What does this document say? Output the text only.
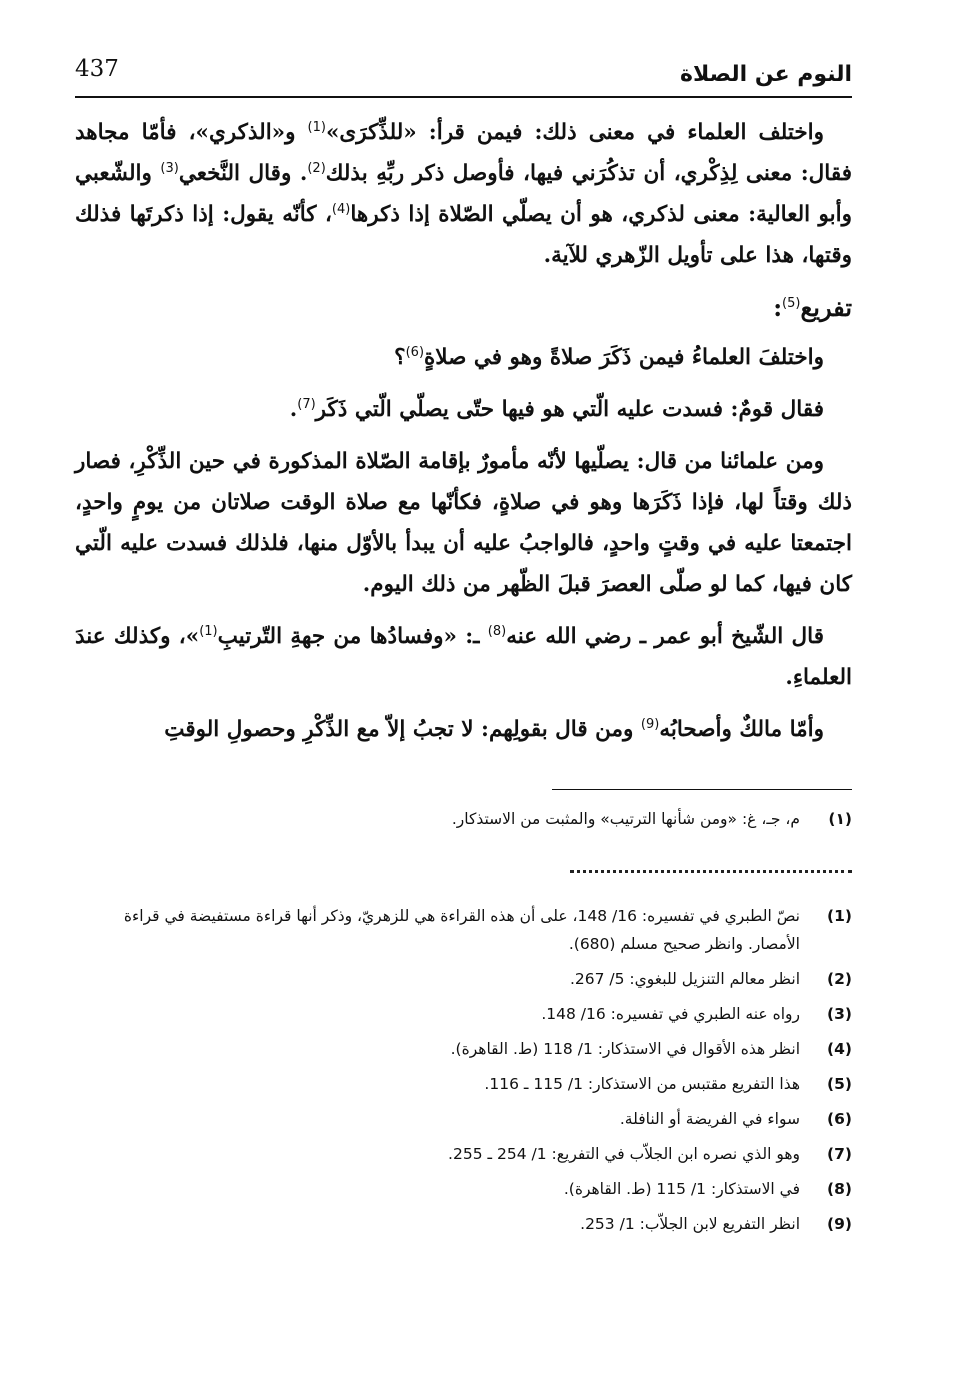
النوم عن الصلاة
437

واختلف العلماء في معنى ذلك: فيمن قرأ: «للذِّكرَى»$^{(1)}$ و«الذكري»، فأمّا مجاهد فقال: معنى لِذِكْري، أن تذكُرَني فيها، فأوصل ذكر ربِّهِ بذلك$^{(2)}$. وقال النَّخعي$^{(3)}$ والشّعبي وأبو العالية: معنى لذكري، هو أن يصلّي الصّلاة إذا ذكرها$^{(4)}$، كأنّه يقول: إذا ذكرتَها فذلك وقتها، هذا على تأويل الزّهري للآية.

تفريع$^{(5)}$:

واختلفَ العلماءُ فيمن ذَكَرَ صلاةً وهو في صلاةٍ$^{(6)}$؟

فقال قومٌ: فسدت عليه الّتي هو فيها حتّى يصلّي الّتي ذَكَر$^{(7)}$.

ومن علمائنا من قال: يصلّيها لأنّه مأمورٌ بإقامة الصّلاة المذكورة في حين الذِّكْرِ، فصار ذلك وقتاً لها، فإذا ذَكَرَها وهو في صلاةٍ، فكأنّها مع صلاة الوقت صلاتان من يومٍ واحدٍ، اجتمعتا عليه في وقتٍ واحدٍ، فالواجبُ عليه أن يبدأ بالأوّل منها، فلذلك فسدت عليه الّتي كان فيها، كما لو صلّى العصرَ قبلَ الظّهر من ذلك اليوم.

قال الشّيخ أبو عمر ـ رضي الله عنه$^{(8)}$ ـ: «وفسادُها من جهةِ التّرتيبِ$^{(1)}$»، وكذلك عندَ العلماءِ.

وأمّا مالكٌ وأصحابُه$^{(9)}$ ومن قال بقولِهم: لا تجبُ إلاّ مع الذِّكْرِ وحصولِ الوقتِ

(١)
م، جـ، غ: «ومن شأنها الترتيب» والمثبت من الاستذكار.
(1)
نصّ الطبري في تفسيره: 16/ 148، على أن هذه القراءة هي للزهريّ، وذكر أنها قراءة مستفيضة في قراءة الأمصار. وانظر صحيح مسلم (680).
(2)
انظر معالم التنزيل للبغوي: 5/ 267.
(3)
رواه عنه الطبري في تفسيره: 16/ 148.
(4)
انظر هذه الأقوال في الاستذكار: 1/ 118 (ط. القاهرة).
(5)
هذا التفريع مقتبس من الاستذكار: 1/ 115 ـ 116.
(6)
سواء في الفريضة أو النافلة.
(7)
وهو الذي نصره ابن الجلاّب في التفريع: 1/ 254 ـ 255.
(8)
في الاستذكار: 1/ 115 (ط. القاهرة).
(9)
انظر التفريع لابن الجلاّب: 1/ 253.
